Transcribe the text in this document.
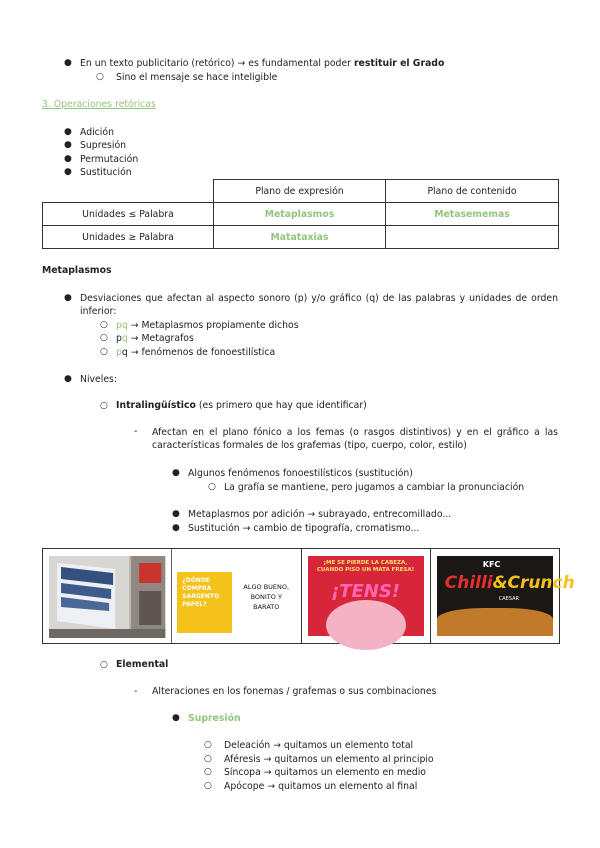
● En un texto publicitario (retórico) → es fundamental poder restituir el Grado
○ Sino el mensaje se hace inteligible
3. Operaciones retóricas
● Adición
● Supresión
● Permutación
● Sustitución
	Plano de expresión	Plano de contenido
Unidades ≤ Palabra	Metaplasmos	Metasememas
Unidades ≥ Palabra	Matataxias	
Metaplasmos
● Desviaciones que afectan al aspecto sonoro (p) y/o gráfico (q) de las palabras y unidades de orden inferior:
○ pq → Metaplasmos propiamente dichos
○ pq → Metagrafos
○ pq → fenómenos de fonoestilística
● Niveles:
○ Intralingüístico (es primero que hay que identificar)
- Afectan en el plano fónico a los femas (o rasgos distintivos) y en el gráfico a las características formales de los grafemas (tipo, cuerpo, color, estilo)
● Algunos fenómenos fonoestilísticos (sustitución)
○ La grafía se mantiene, pero jugamos a cambiar la pronunciación
● Metaplasmos por adición → subrayado, entrecomillado...
● Sustitución → cambio de tipografía, cromatismo...
¿DÓNDE
COMPRA
SARGENTO
PAPEL?
ALGO BUENO,
BONITO Y
BARATO
¡ME SE PIERDE LA CABEZA,
CUANDO PISO UN MATA FRESA!
¡TENS!
KFC
Chilli&Crunch
CAESAR
○ Elemental
- Alteraciones en los fonemas / grafemas o sus combinaciones
● Supresión
○ Deleación → quitamos un elemento total
○ Aféresis → quitamos un elemento al principio
○ Síncopa → quitamos un elemento en medio
○ Apócope → quitamos un elemento al final
